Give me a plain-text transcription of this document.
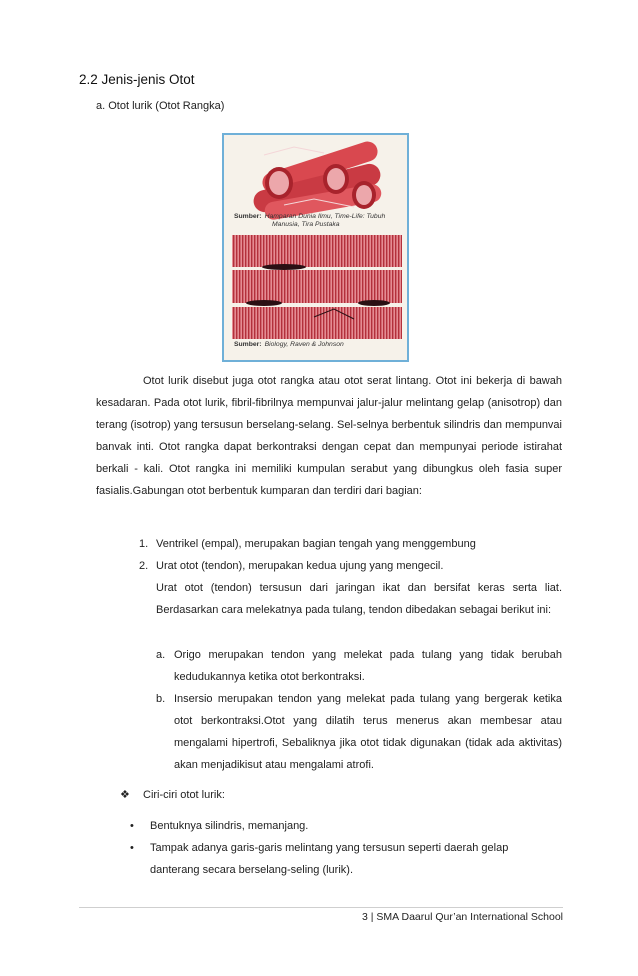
2.2 Jenis-jenis Otot
a. Otot lurik (Otot Rangka)
Sumber: Hamparan Dunia Ilmu, Time-Life: Tubuh
Manusia, Tira Pustaka
Sumber: Biology, Raven & Johnson
Otot lurik disebut juga otot rangka atau otot serat lintang. Otot ini bekerja di bawah kesadaran. Pada otot lurik, fibril-fibrilnya mempunvai jalur-jalur melintang gelap (anisotrop) dan terang (isotrop) yang tersusun berselang-selang. Sel-selnya berbentuk silindris dan mempunvai banvak inti. Otot rangka dapat berkontraksi dengan cepat dan mempunyai periode istirahat berkali - kali. Otot rangka ini memiliki kumpulan serabut yang dibungkus oleh fasia super fasialis.Gabungan otot berbentuk kumparan dan terdiri dari bagian:
1. Ventrikel (empal), merupakan bagian tengah yang menggembung
2. Urat otot (tendon), merupakan kedua ujung yang mengecil.
Urat otot (tendon) tersusun dari jaringan ikat dan bersifat keras serta liat. Berdasarkan cara melekatnya pada tulang, tendon dibedakan sebagai berikut ini:
a. Origo merupakan tendon yang melekat pada tulang yang tidak berubah kedudukannya ketika otot berkontraksi.
b. Insersio merupakan tendon yang melekat pada tulang yang bergerak ketika otot berkontraksi.Otot yang dilatih terus menerus akan membesar atau mengalami hipertrofi, Sebaliknya jika otot tidak digunakan (tidak ada aktivitas) akan menjadikisut atau mengalami atrofi.
❖ Ciri-ciri otot lurik:
•	Bentuknya silindris, memanjang.
•	Tampak adanya garis-garis melintang yang tersusun seperti daerah gelap danterang secara berselang-seling (lurik).
3 | SMA Daarul Qur’an International School
